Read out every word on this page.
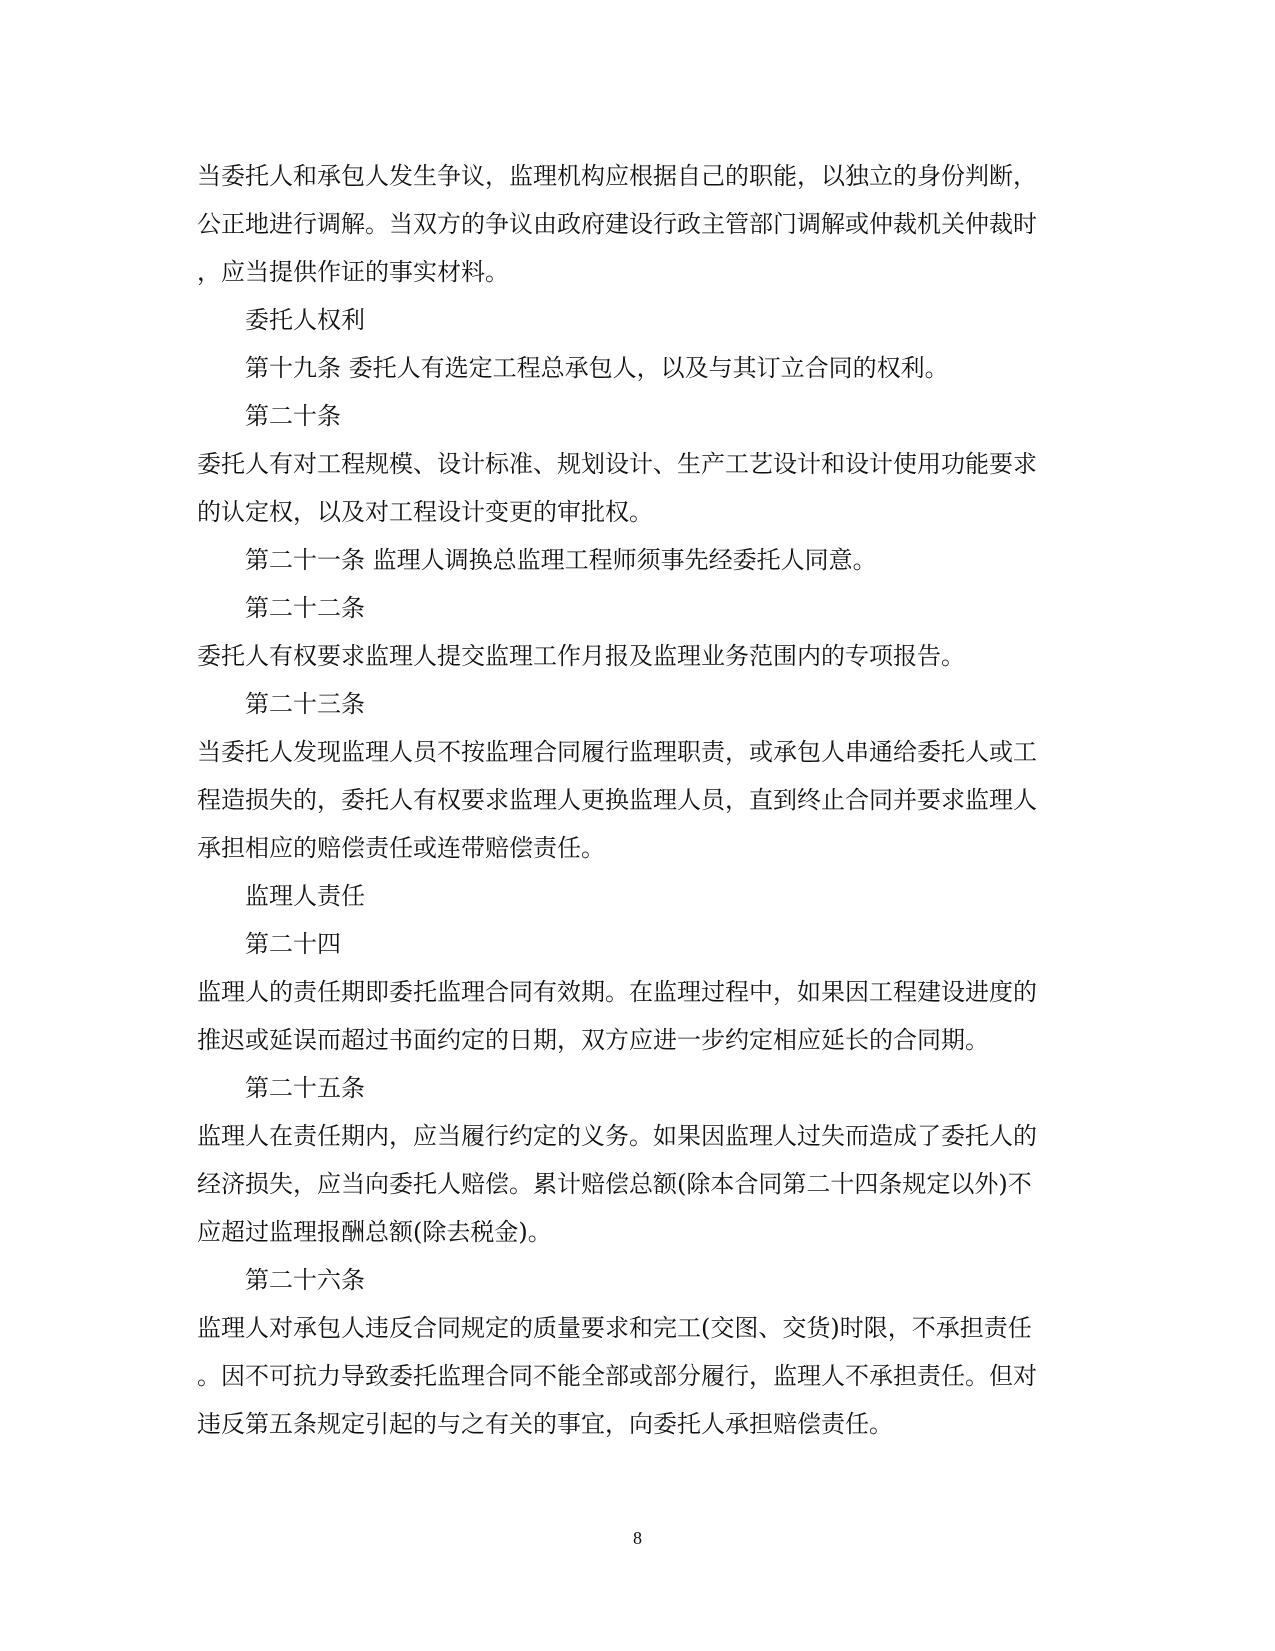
当委托人和承包人发生争议，监理机构应根据自己的职能，以独立的身份判断，
公正地进行调解。当双方的争议由政府建设行政主管部门调解或仲裁机关仲裁时
，应当提供作证的事实材料。
委托人权利
第十九条 委托人有选定工程总承包人，以及与其订立合同的权利。
第二十条
委托人有对工程规模、设计标准、规划设计、生产工艺设计和设计使用功能要求
的认定权，以及对工程设计变更的审批权。
第二十一条 监理人调换总监理工程师须事先经委托人同意。
第二十二条
委托人有权要求监理人提交监理工作月报及监理业务范围内的专项报告。
第二十三条
当委托人发现监理人员不按监理合同履行监理职责，或承包人串通给委托人或工
程造损失的，委托人有权要求监理人更换监理人员，直到终止合同并要求监理人
承担相应的赔偿责任或连带赔偿责任。
监理人责任
第二十四
监理人的责任期即委托监理合同有效期。在监理过程中，如果因工程建设进度的
推迟或延误而超过书面约定的日期，双方应进一步约定相应延长的合同期。
第二十五条
监理人在责任期内，应当履行约定的义务。如果因监理人过失而造成了委托人的
经济损失，应当向委托人赔偿。累计赔偿总额(除本合同第二十四条规定以外)不
应超过监理报酬总额(除去税金)。
第二十六条
监理人对承包人违反合同规定的质量要求和完工(交图、交货)时限，不承担责任
。因不可抗力导致委托监理合同不能全部或部分履行，监理人不承担责任。但对
违反第五条规定引起的与之有关的事宜，向委托人承担赔偿责任。
8
